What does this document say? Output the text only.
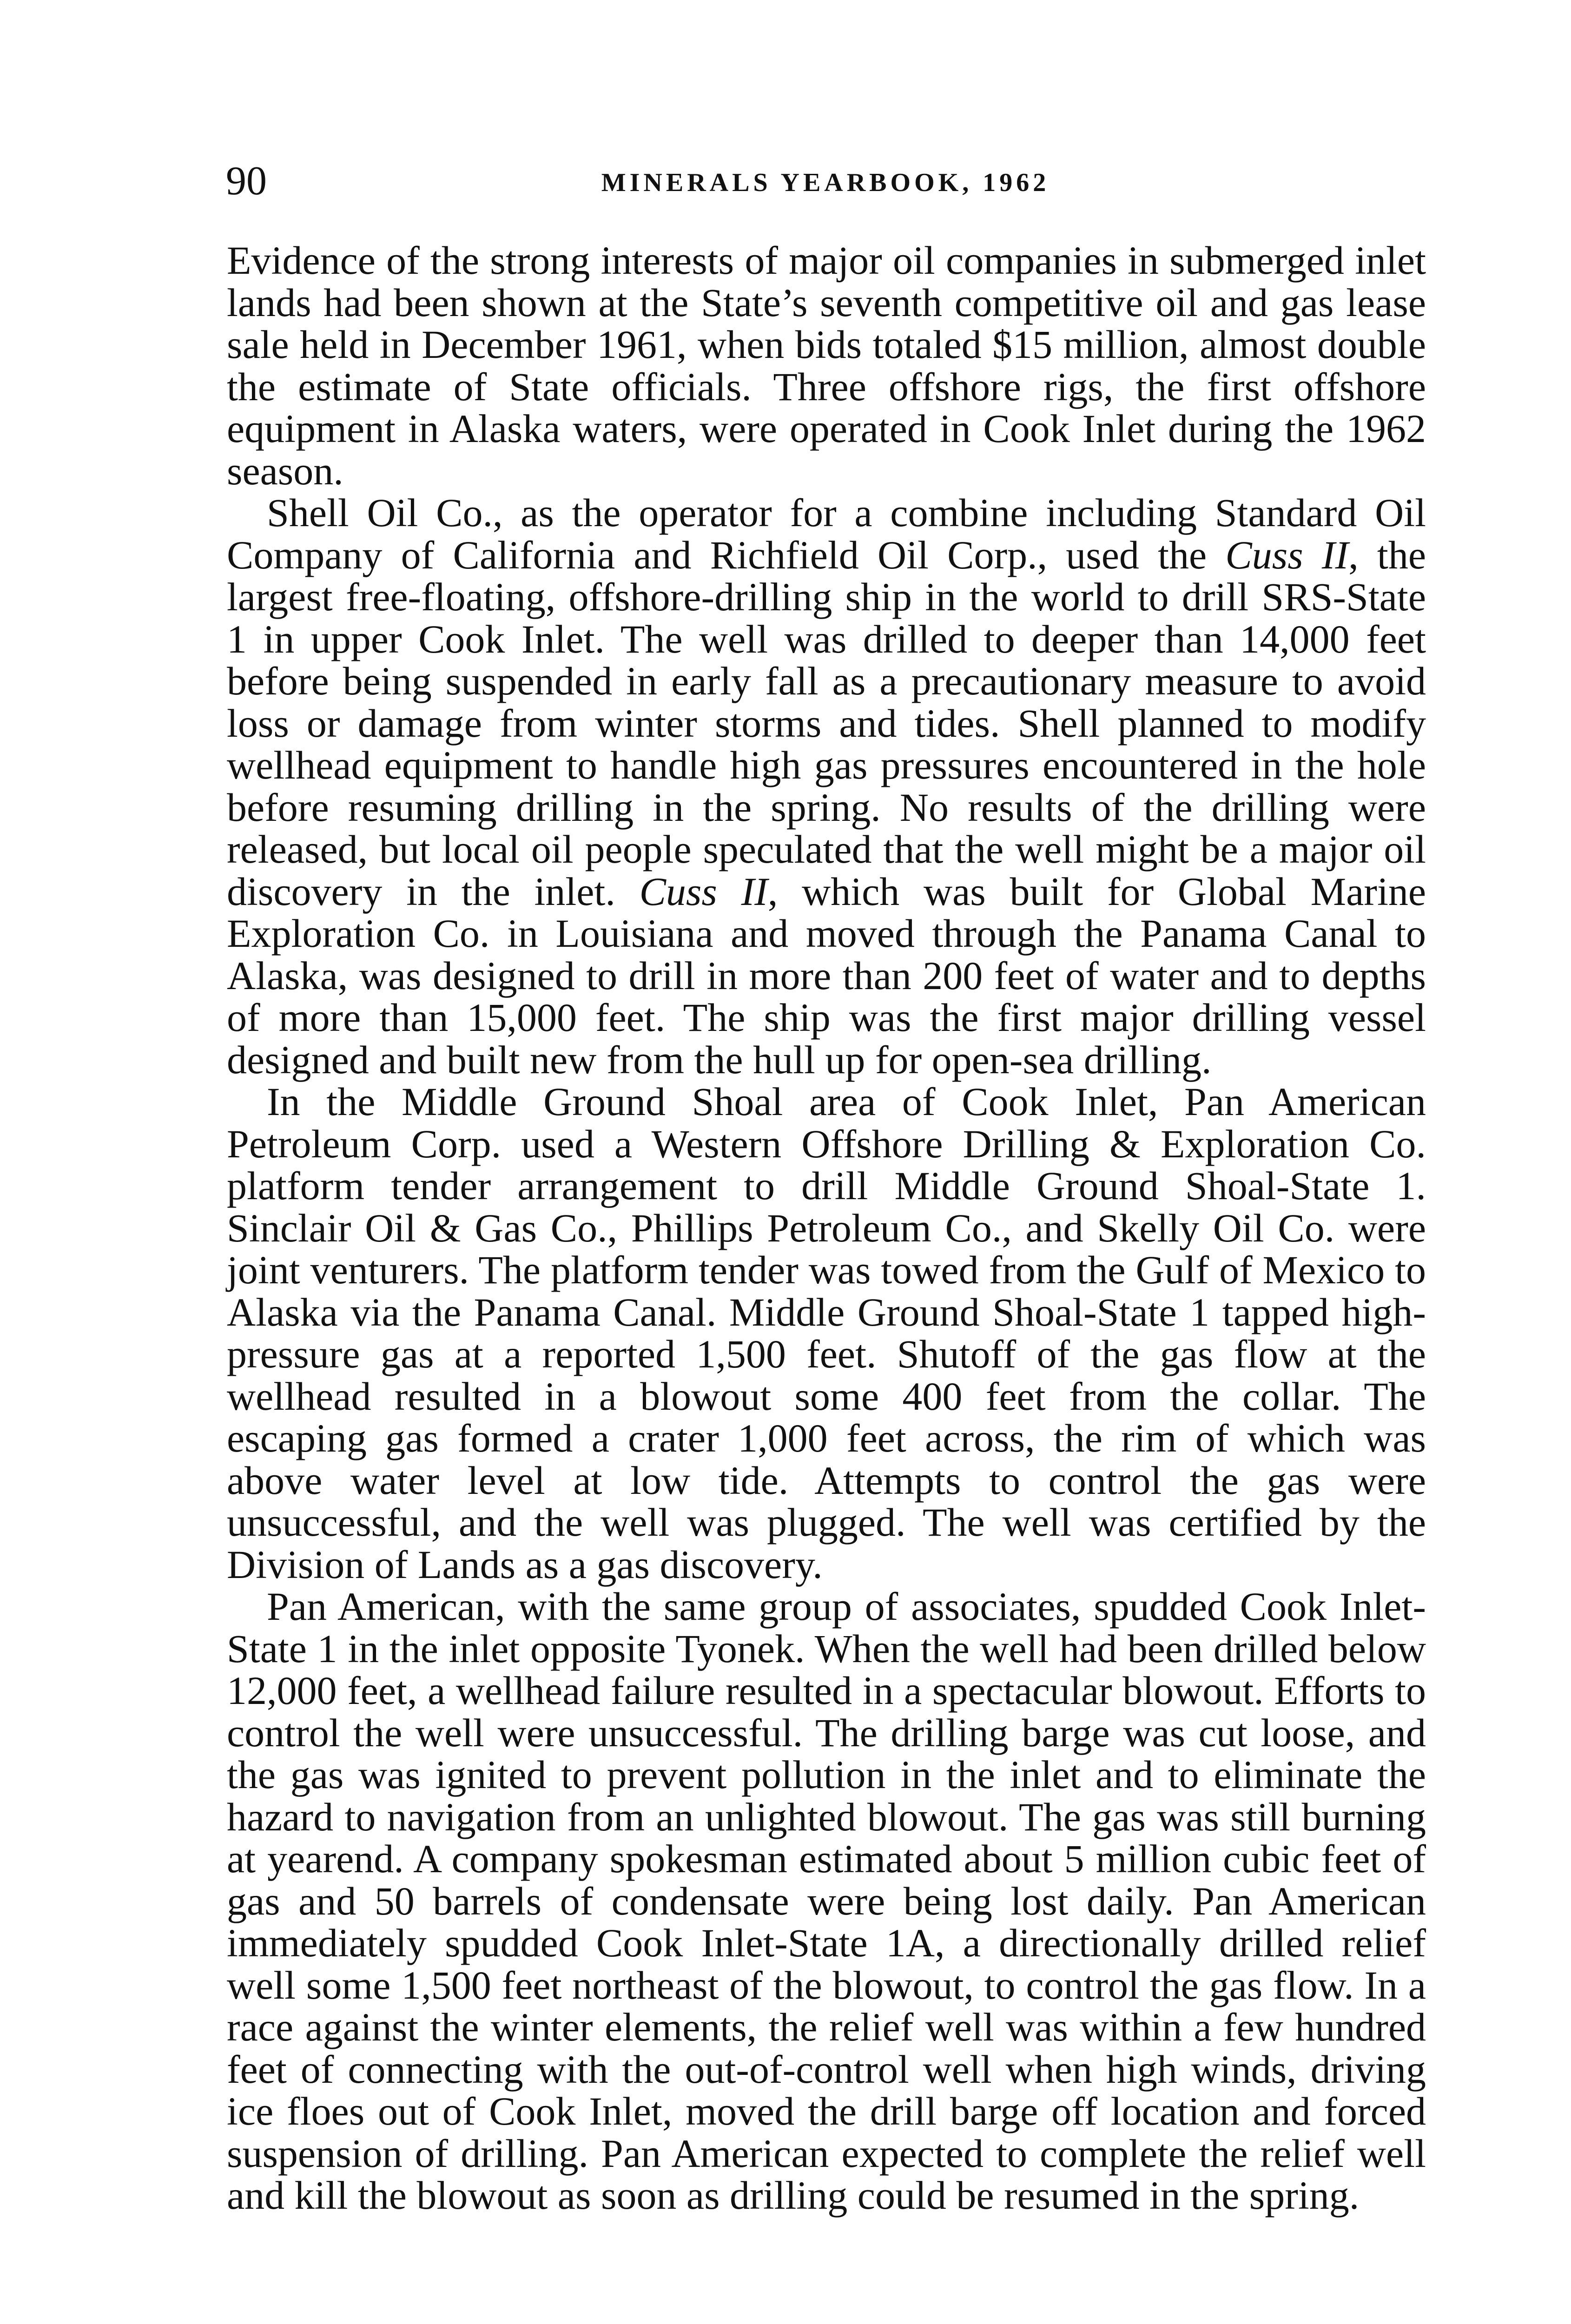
90	MINERALS YEARBOOK, 1962

Evidence of the strong interests of major oil companies in submerged inlet lands had been shown at the State’s seventh competitive oil and gas lease sale held in December 1961, when bids totaled $15 million, almost double the estimate of State officials. Three offshore rigs, the first offshore equipment in Alaska waters, were operated in Cook Inlet during the 1962 season.

Shell Oil Co., as the operator for a combine including Standard Oil Company of California and Richfield Oil Corp., used the Cuss II, the largest free-floating, offshore-drilling ship in the world to drill SRS-State 1 in upper Cook Inlet. The well was drilled to deeper than 14,000 feet before being suspended in early fall as a precautionary measure to avoid loss or damage from winter storms and tides. Shell planned to modify wellhead equipment to handle high gas pressures encountered in the hole before resuming drilling in the spring. No results of the drilling were released, but local oil people speculated that the well might be a major oil discovery in the inlet. Cuss II, which was built for Global Marine Exploration Co. in Louisiana and moved through the Panama Canal to Alaska, was designed to drill in more than 200 feet of water and to depths of more than 15,000 feet. The ship was the first major drilling vessel designed and built new from the hull up for open-sea drilling.

In the Middle Ground Shoal area of Cook Inlet, Pan American Petroleum Corp. used a Western Offshore Drilling & Exploration Co. platform tender arrangement to drill Middle Ground Shoal-State 1. Sinclair Oil & Gas Co., Phillips Petroleum Co., and Skelly Oil Co. were joint venturers. The platform tender was towed from the Gulf of Mexico to Alaska via the Panama Canal. Middle Ground Shoal-State 1 tapped high-pressure gas at a reported 1,500 feet. Shutoff of the gas flow at the wellhead resulted in a blowout some 400 feet from the collar. The escaping gas formed a crater 1,000 feet across, the rim of which was above water level at low tide. Attempts to control the gas were unsuccessful, and the well was plugged. The well was certified by the Division of Lands as a gas discovery.

Pan American, with the same group of associates, spudded Cook Inlet-State 1 in the inlet opposite Tyonek. When the well had been drilled below 12,000 feet, a wellhead failure resulted in a spectacular blowout. Efforts to control the well were unsuccessful. The drilling barge was cut loose, and the gas was ignited to prevent pollution in the inlet and to eliminate the hazard to navigation from an unlighted blowout. The gas was still burning at yearend. A company spokesman estimated about 5 million cubic feet of gas and 50 barrels of condensate were being lost daily. Pan American immediately spudded Cook Inlet-State 1A, a directionally drilled relief well some 1,500 feet northeast of the blowout, to control the gas flow. In a race against the winter elements, the relief well was within a few hundred feet of connecting with the out-of-control well when high winds, driving ice floes out of Cook Inlet, moved the drill barge off location and forced suspension of drilling. Pan American expected to complete the relief well and kill the blowout as soon as drilling could be resumed in the spring.
